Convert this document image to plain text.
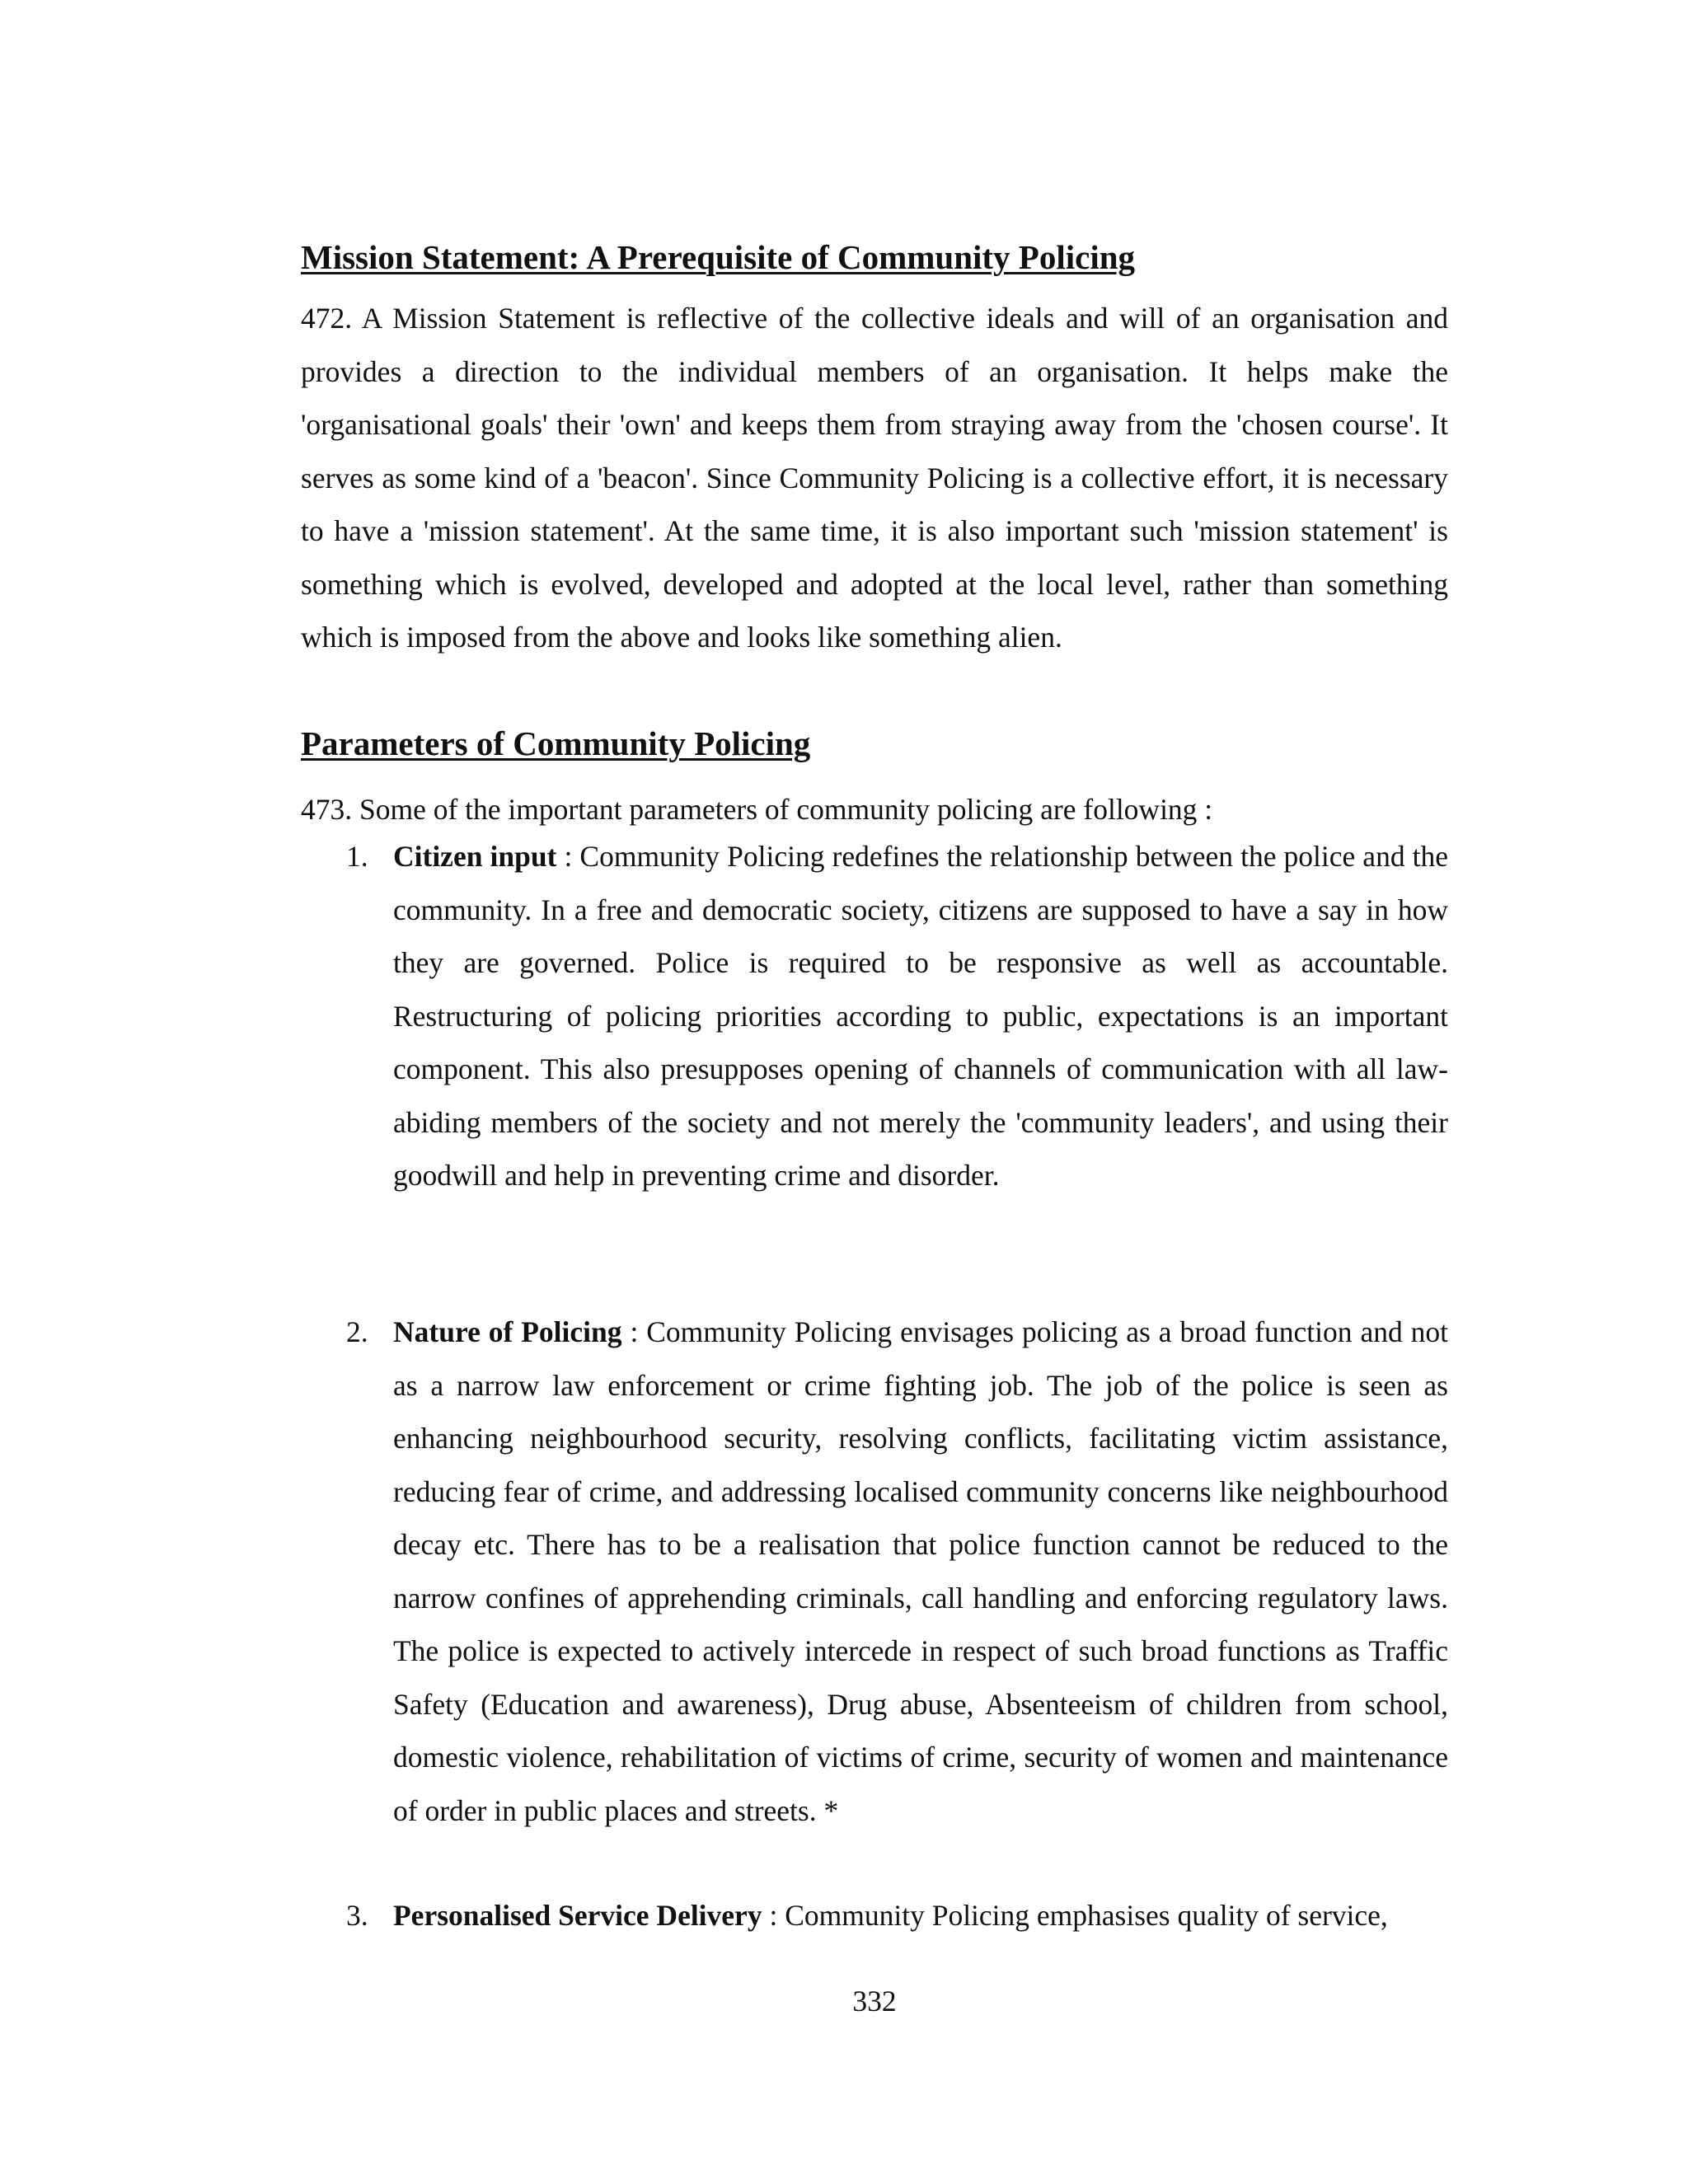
Mission Statement: A Prerequisite of Community Policing

472. A Mission Statement is reflective of the collective ideals and will of an organisation and provides a direction to the individual members of an organisation. It helps make the 'organisational goals' their 'own' and keeps them from straying away from the 'chosen course'. It serves as some kind of a 'beacon'. Since Community Policing is a collective effort, it is necessary to have a 'mission statement'. At the same time, it is also important such 'mission statement' is something which is evolved, developed and adopted at the local level, rather than something which is imposed from the above and looks like something alien.

Parameters of Community Policing

473. Some of the important parameters of community policing are following :

1. Citizen input : Community Policing redefines the relationship between the police and the community. In a free and democratic society, citizens are supposed to have a say in how they are governed. Police is required to be responsive as well as accountable. Restructuring of policing priorities according to public, expectations is an important component. This also presupposes opening of channels of communication with all law-abiding members of the society and not merely the 'community leaders', and using their goodwill and help in preventing crime and disorder.

2. Nature of Policing : Community Policing envisages policing as a broad function and not as a narrow law enforcement or crime fighting job. The job of the police is seen as enhancing neighbourhood security, resolving conflicts, facilitating victim assistance, reducing fear of crime, and addressing localised community concerns like neighbourhood decay etc. There has to be a realisation that police function cannot be reduced to the narrow confines of apprehending criminals, call handling and enforcing regulatory laws. The police is expected to actively intercede in respect of such broad functions as Traffic Safety (Education and awareness), Drug abuse, Absenteeism of children from school, domestic violence, rehabilitation of victims of crime, security of women and maintenance of order in public places and streets. *

3. Personalised Service Delivery : Community Policing emphasises quality of service,

332
